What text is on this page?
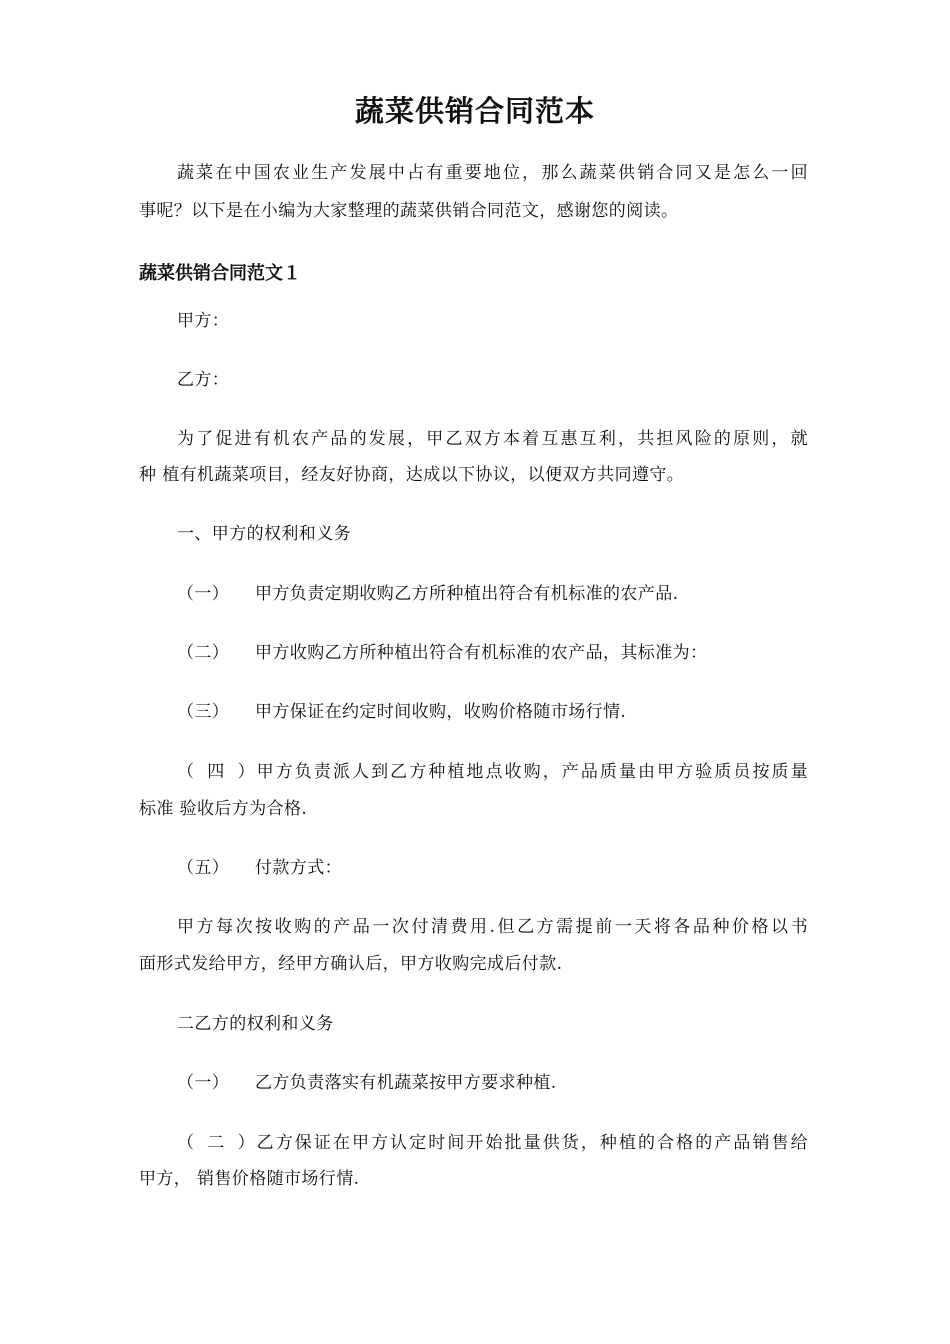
蔬菜供销合同范本

蔬菜在中国农业生产发展中占有重要地位，那么蔬菜供销合同又是怎么一回

事呢？以下是在小编为大家整理的蔬菜供销合同范文，感谢您的阅读。

蔬菜供销合同范文１

甲方：

乙方：

为了促进有机农产品的发展，甲乙双方本着互惠互利，共担风险的原则，就

种 植有机蔬菜项目，经友好协商，达成以下协议，以便双方共同遵守。

一、甲方的权利和义务

（一） 甲方负责定期收购乙方所种植出符合有机标准的农产品.

（二） 甲方收购乙方所种植出符合有机标准的农产品，其标准为：

（三） 甲方保证在约定时间收购，收购价格随市场行情.

（四）甲方负责派人到乙方种植地点收购，产品质量由甲方验质员按质量

标准 验收后方为合格.

（五） 付款方式：

甲方每次按收购的产品一次付清费用.但乙方需提前一天将各品种价格以书

面形式发给甲方，经甲方确认后，甲方收购完成后付款.

二乙方的权利和义务

（一） 乙方负责落实有机蔬菜按甲方要求种植.

（二）乙方保证在甲方认定时间开始批量供货，种植的合格的产品销售给

甲方， 销售价格随市场行情.
